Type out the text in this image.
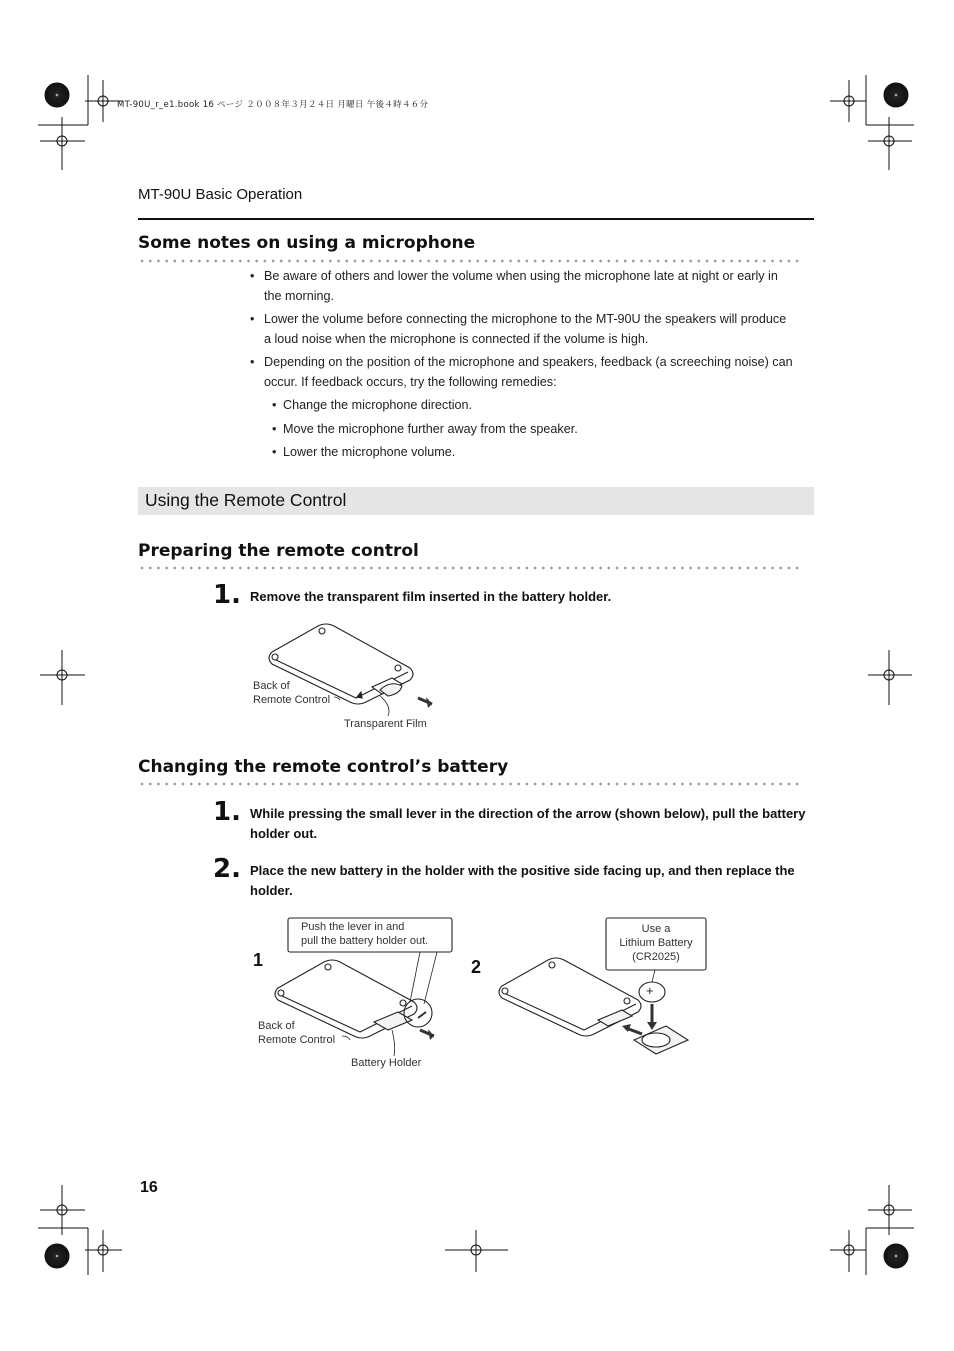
MT-90U_r_e1.book 16 ページ ２００８年３月２４日 月曜日 午後４時４６分
MT-90U Basic Operation
Some notes on using a microphone
• Be aware of others and lower the volume when using the microphone late at night or early in the morning.
• Lower the volume before connecting the microphone to the MT-90U the speakers will produce a loud noise when the microphone is connected if the volume is high.
• Depending on the position of the microphone and speakers, feedback (a screeching noise) can occur. If feedback occurs, try the following remedies:
• Change the microphone direction.
• Move the microphone further away from the speaker.
• Lower the microphone volume.
Using the Remote Control
Preparing the remote control
1. Remove the transparent film inserted in the battery holder.
Back of
Remote Control
Transparent Film
Changing the remote control’s battery
1. While pressing the small lever in the direction of the arrow (shown below), pull the battery holder out.
2. Place the new battery in the holder with the positive side facing up, and then replace the holder.
1	2
Push the lever in and
pull the battery holder out.
Back of
Remote Control
Battery Holder
Use a
Lithium Battery
(CR2025)
+
16
